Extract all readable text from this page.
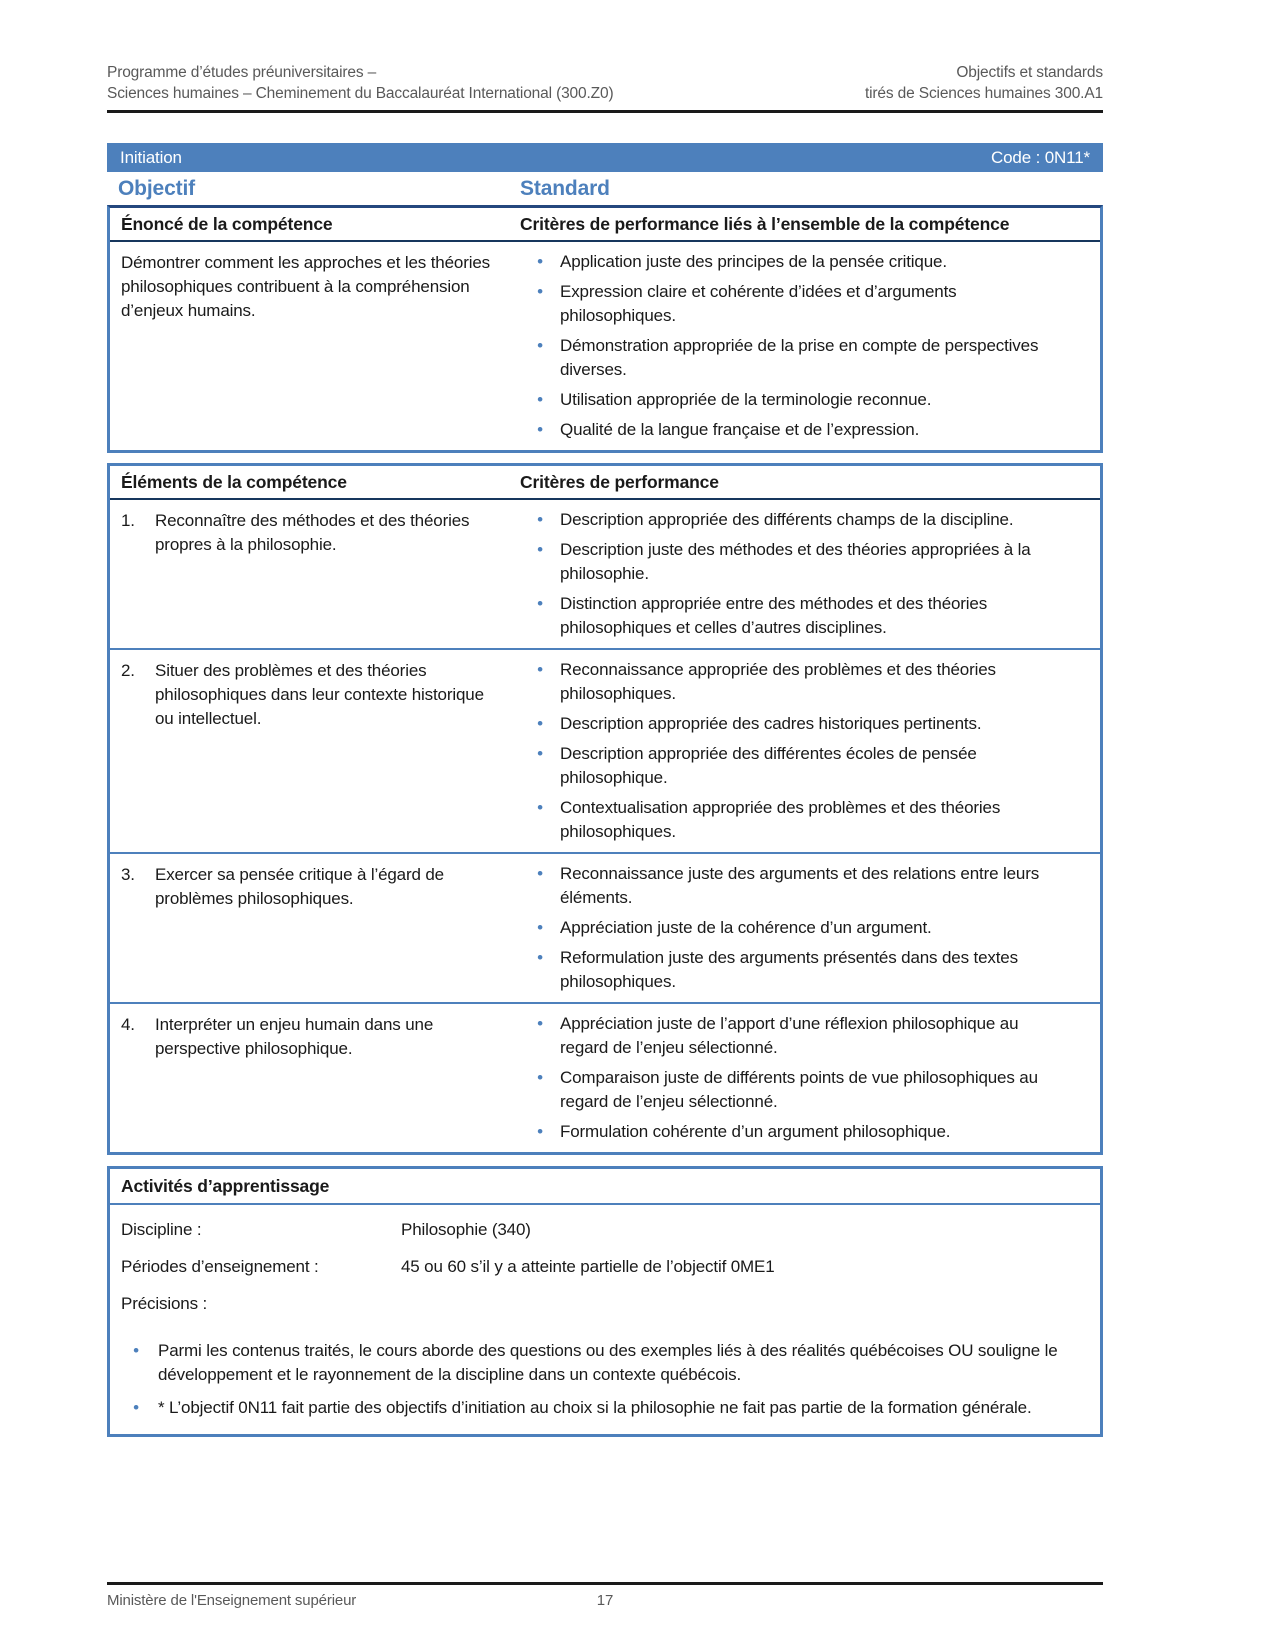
Programme d’études préuniversitaires –
Sciences humaines – Cheminement du Baccalauréat International (300.Z0)
Objectifs et standards
tirés de Sciences humaines 300.A1
Initiation	Code : 0N11*
Objectif	Standard
Énoncé de la compétence	Critères de performance liés à l’ensemble de la compétence
Démontrer comment les approches et les théories philosophiques contribuent à la compréhension d’enjeux humains.
•	Application juste des principes de la pensée critique.
•	Expression claire et cohérente d’idées et d’arguments philosophiques.
•	Démonstration appropriée de la prise en compte de perspectives diverses.
•	Utilisation appropriée de la terminologie reconnue.
•	Qualité de la langue française et de l’expression.
Éléments de la compétence	Critères de performance
1.	Reconnaître des méthodes et des théories propres à la philosophie.
•	Description appropriée des différents champs de la discipline.
•	Description juste des méthodes et des théories appropriées à la philosophie.
•	Distinction appropriée entre des méthodes et des théories philosophiques et celles d’autres disciplines.
2.	Situer des problèmes et des théories philosophiques dans leur contexte historique ou intellectuel.
•	Reconnaissance appropriée des problèmes et des théories philosophiques.
•	Description appropriée des cadres historiques pertinents.
•	Description appropriée des différentes écoles de pensée philosophique.
•	Contextualisation appropriée des problèmes et des théories philosophiques.
3.	Exercer sa pensée critique à l’égard de problèmes philosophiques.
•	Reconnaissance juste des arguments et des relations entre leurs éléments.
•	Appréciation juste de la cohérence d’un argument.
•	Reformulation juste des arguments présentés dans des textes philosophiques.
4.	Interpréter un enjeu humain dans une perspective philosophique.
•	Appréciation juste de l’apport d’une réflexion philosophique au regard de l’enjeu sélectionné.
•	Comparaison juste de différents points de vue philosophiques au regard de l’enjeu sélectionné.
•	Formulation cohérente d’un argument philosophique.
Activités d’apprentissage
Discipline :	Philosophie (340)
Périodes d’enseignement :	45 ou 60 s’il y a atteinte partielle de l’objectif 0ME1
Précisions :
•	Parmi les contenus traités, le cours aborde des questions ou des exemples liés à des réalités québécoises OU souligne le développement et le rayonnement de la discipline dans un contexte québécois.
•	* L’objectif 0N11 fait partie des objectifs d’initiation au choix si la philosophie ne fait pas partie de la formation générale.
Ministère de l'Enseignement supérieur	17
